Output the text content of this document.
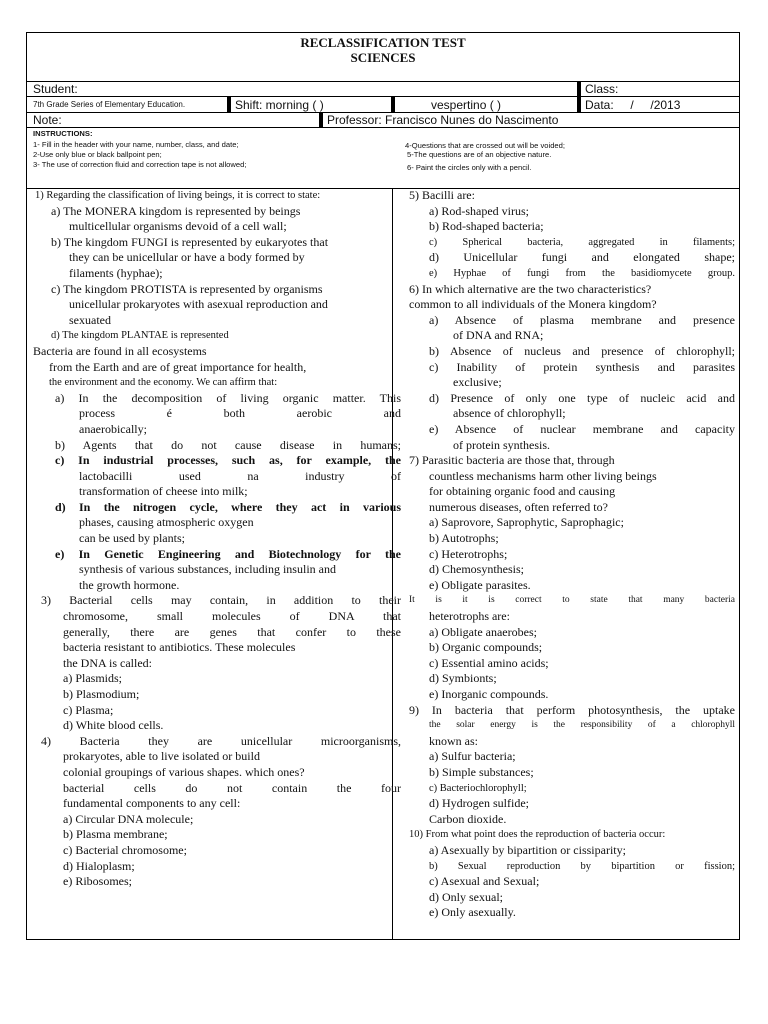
RECLASSIFICATION TEST
SCIENCES
Student:	Class:
7th Grade Series of Elementary Education.	Shift: morning ( )	vespertino ( )	Data:     /     /2013
Note:	Professor: Francisco Nunes do Nascimento
INSTRUCTIONS:
1- Fill in the header with your name, number, class, and date;
2-Use only blue or black ballpoint pen;
3- The use of correction fluid and correction tape is not allowed;
4-Questions that are crossed out will be voided;
5-The questions are of an objective nature.
6- Paint the circles only with a pencil.
1) Regarding the classification of living beings, it is correct to state:
a) The MONERA kingdom is represented by beings
multicellular organisms devoid of a cell wall;
b) The kingdom FUNGI is represented by eukaryotes that
they can be unicellular or have a body formed by
filaments (hyphae);
c) The kingdom PROTISTA is represented by organisms
unicellular prokaryotes with asexual reproduction and
sexuated
d) The kingdom PLANTAE is represented
Bacteria are found in all ecosystems
from the Earth and are of great importance for health,
the environment and the economy. We can affirm that:
a) In the decomposition of living organic matter. This
process é both aerobic and
anaerobically;
b) Agents that do not cause disease in humans;
c) In industrial processes, such as, for example, the
lactobacilli used na industry of
transformation of cheese into milk;
d) In the nitrogen cycle, where they act in various
phases, causing atmospheric oxygen
can be used by plants;
e) In Genetic Engineering and Biotechnology for the
synthesis of various substances, including insulin and
the growth hormone.
3) Bacterial cells may contain, in addition to their
chromosome, small molecules of DNA that
generally, there are genes that confer to these
bacteria resistant to antibiotics. These molecules
the DNA is called:
a) Plasmids;
b) Plasmodium;
c) Plasma;
d) White blood cells.
4) Bacteria they are unicellular microorganisms,
prokaryotes, able to live isolated or build
colonial groupings of various shapes. which ones?
bacterial cells do not contain the four
fundamental components to any cell:
a) Circular DNA molecule;
b) Plasma membrane;
c) Bacterial chromosome;
d) Hialoplasm;
e) Ribosomes;
5) Bacilli are:
a) Rod-shaped virus;
b) Rod-shaped bacteria;
c) Spherical bacteria, aggregated in filaments;
d) Unicellular fungi and elongated shape;
e) Hyphae of fungi from the basidiomycete group.
6) In which alternative are the two characteristics?
common to all individuals of the Monera kingdom?
a) Absence of plasma membrane and presence
of DNA and RNA;
b) Absence of nucleus and presence of chlorophyll;
c) Inability of protein synthesis and parasites
exclusive;
d) Presence of only one type of nucleic acid and
absence of chlorophyll;
e) Absence of nuclear membrane and capacity
of protein synthesis.
7) Parasitic bacteria are those that, through
countless mechanisms harm other living beings
for obtaining organic food and causing
numerous diseases, often referred to?
a) Saprovore, Saprophytic, Saprophagic;
b) Autotrophs;
c) Heterotrophs;
d) Chemosynthesis;
e) Obligate parasites.
It is it is correct to state that many bacteria
heterotrophs are:
a) Obligate anaerobes;
b) Organic compounds;
c) Essential amino acids;
d) Symbionts;
e) Inorganic compounds.
9) In bacteria that perform photosynthesis, the uptake
the solar energy is the responsibility of a chlorophyll
known as:
a) Sulfur bacteria;
b) Simple substances;
c) Bacteriochlorophyll;
d) Hydrogen sulfide;
Carbon dioxide.
10) From what point does the reproduction of bacteria occur:
a) Asexually by bipartition or cissiparity;
b) Sexual reproduction by bipartition or fission;
c) Asexual and Sexual;
d) Only sexual;
e) Only asexually.
